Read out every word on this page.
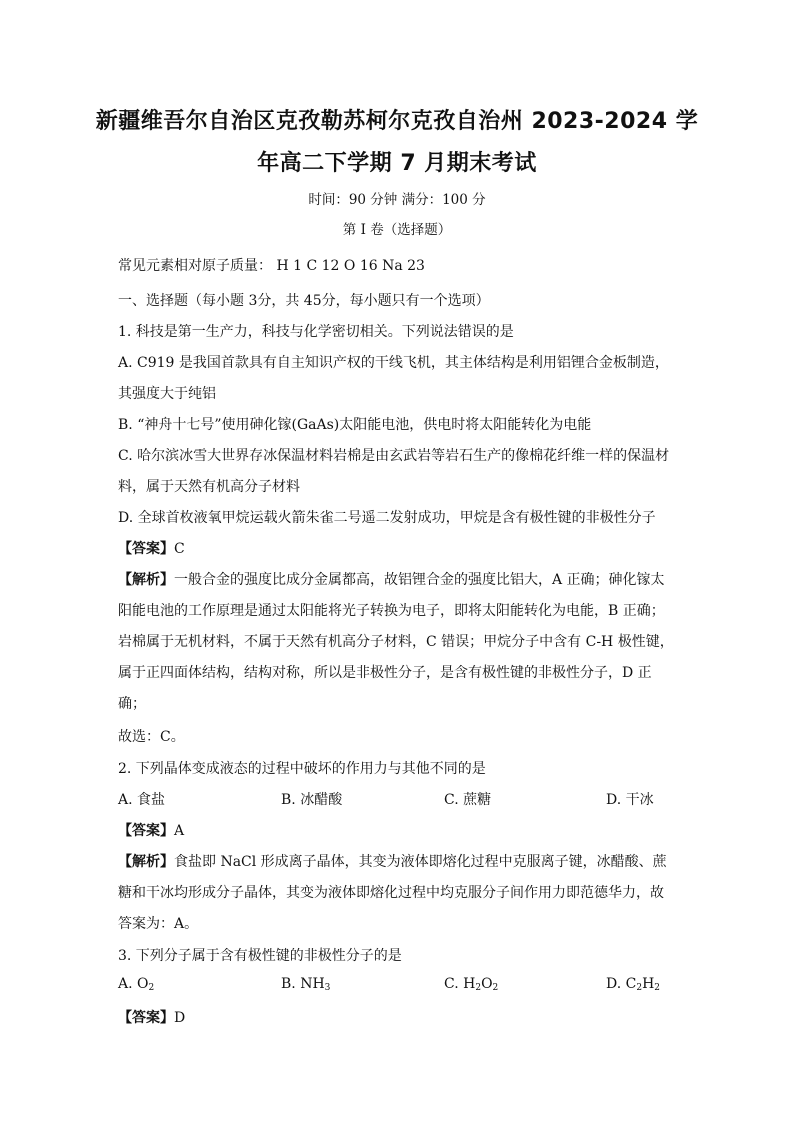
新疆维吾尔自治区克孜勒苏柯尔克孜自治州 2023-2024 学
年高二下学期 7 月期末考试
时间：90 分钟 满分：100 分
第 I 卷（选择题）
常见元素相对原子质量： H 1 C 12 O 16 Na 23
一、选择题（每小题 3分，共 45分，每小题只有一个选项）
1. 科技是第一生产力，科技与化学密切相关。下列说法错误的是
A. C919 是我国首款具有自主知识产权的干线飞机，其主体结构是利用铝锂合金板制造，
其强度大于纯铝
B. “神舟十七号”使用砷化镓(GaAs)太阳能电池，供电时将太阳能转化为电能
C. 哈尔滨冰雪大世界存冰保温材料岩棉是由玄武岩等岩石生产的像棉花纤维一样的保温材
料，属于天然有机高分子材料
D. 全球首枚液氧甲烷运载火箭朱雀二号遥二发射成功，甲烷是含有极性键的非极性分子
【答案】C
【解析】一般合金的强度比成分金属都高，故铝锂合金的强度比铝大，A 正确；砷化镓太
阳能电池的工作原理是通过太阳能将光子转换为电子，即将太阳能转化为电能，B 正确；
岩棉属于无机材料，不属于天然有机高分子材料，C 错误；甲烷分子中含有 C-H 极性键，
属于正四面体结构，结构对称，所以是非极性分子，是含有极性键的非极性分子，D 正
确；
故选：C。
2. 下列晶体变成液态的过程中破坏的作用力与其他不同的是
A. 食盐	B. 冰醋酸	C. 蔗糖	D. 干冰
【答案】A
【解析】食盐即 NaCl 形成离子晶体，其变为液体即熔化过程中克服离子键，冰醋酸、蔗
糖和干冰均形成分子晶体，其变为液体即熔化过程中均克服分子间作用力即范德华力，故
答案为：A。
3. 下列分子属于含有极性键的非极性分子的是
A. $O_2$	B. $NH_3$	C. $H_2O_2$	D. $C_2H_2$
【答案】D
